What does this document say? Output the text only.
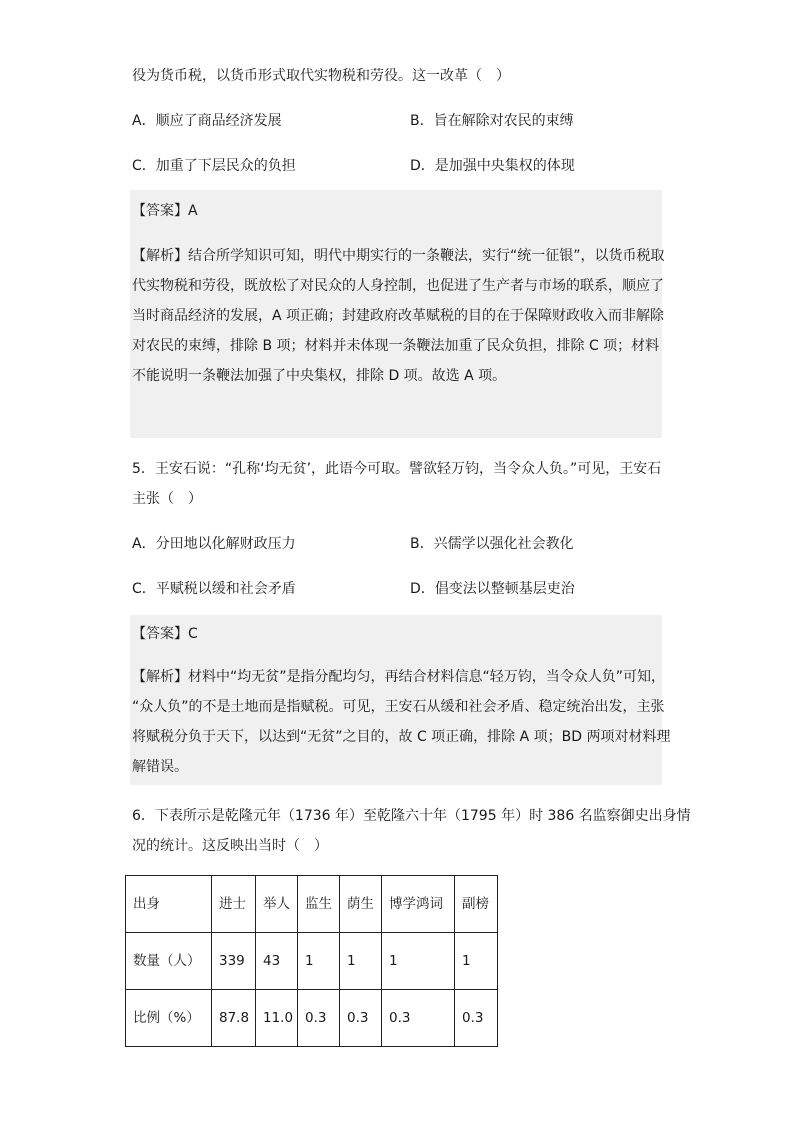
役为货币税，以货币形式取代实物税和劳役。这一改革（　）
A．顺应了商品经济发展	B．旨在解除对农民的束缚
C．加重了下层民众的负担	D．是加强中央集权的体现
【答案】A
【解析】结合所学知识可知，明代中期实行的一条鞭法，实行“统一征银”，以货币税取
代实物税和劳役，既放松了对民众的人身控制，也促进了生产者与市场的联系，顺应了
当时商品经济的发展，A 项正确；封建政府改革赋税的目的在于保障财政收入而非解除
对农民的束缚，排除 B 项；材料并未体现一条鞭法加重了民众负担，排除 C 项；材料
不能说明一条鞭法加强了中央集权，排除 D 项。故选 A 项。
5．王安石说：“孔称‘均无贫’，此语今可取。譬欲轻万钧，当令众人负。”可见，王安石
主张（　）
A．分田地以化解财政压力	B．兴儒学以强化社会教化
C．平赋税以缓和社会矛盾	D．倡变法以整顿基层吏治
【答案】C
【解析】材料中“均无贫”是指分配均匀，再结合材料信息“轻万钧，当令众人负”可知，
“众人负”的不是土地而是指赋税。可见，王安石从缓和社会矛盾、稳定统治出发，主张
将赋税分负于天下，以达到“无贫”之目的，故 C 项正确，排除 A 项；BD 两项对材料理
解错误。
6．下表所示是乾隆元年（1736 年）至乾隆六十年（1795 年）时 386 名监察御史出身情
况的统计。这反映出当时（　）
出身	进士	举人	监生	荫生	博学鸿词	副榜
数量（人）	339	43	1	1	1	1
比例（%）	87.8	11.0	0.3	0.3	0.3	0.3
